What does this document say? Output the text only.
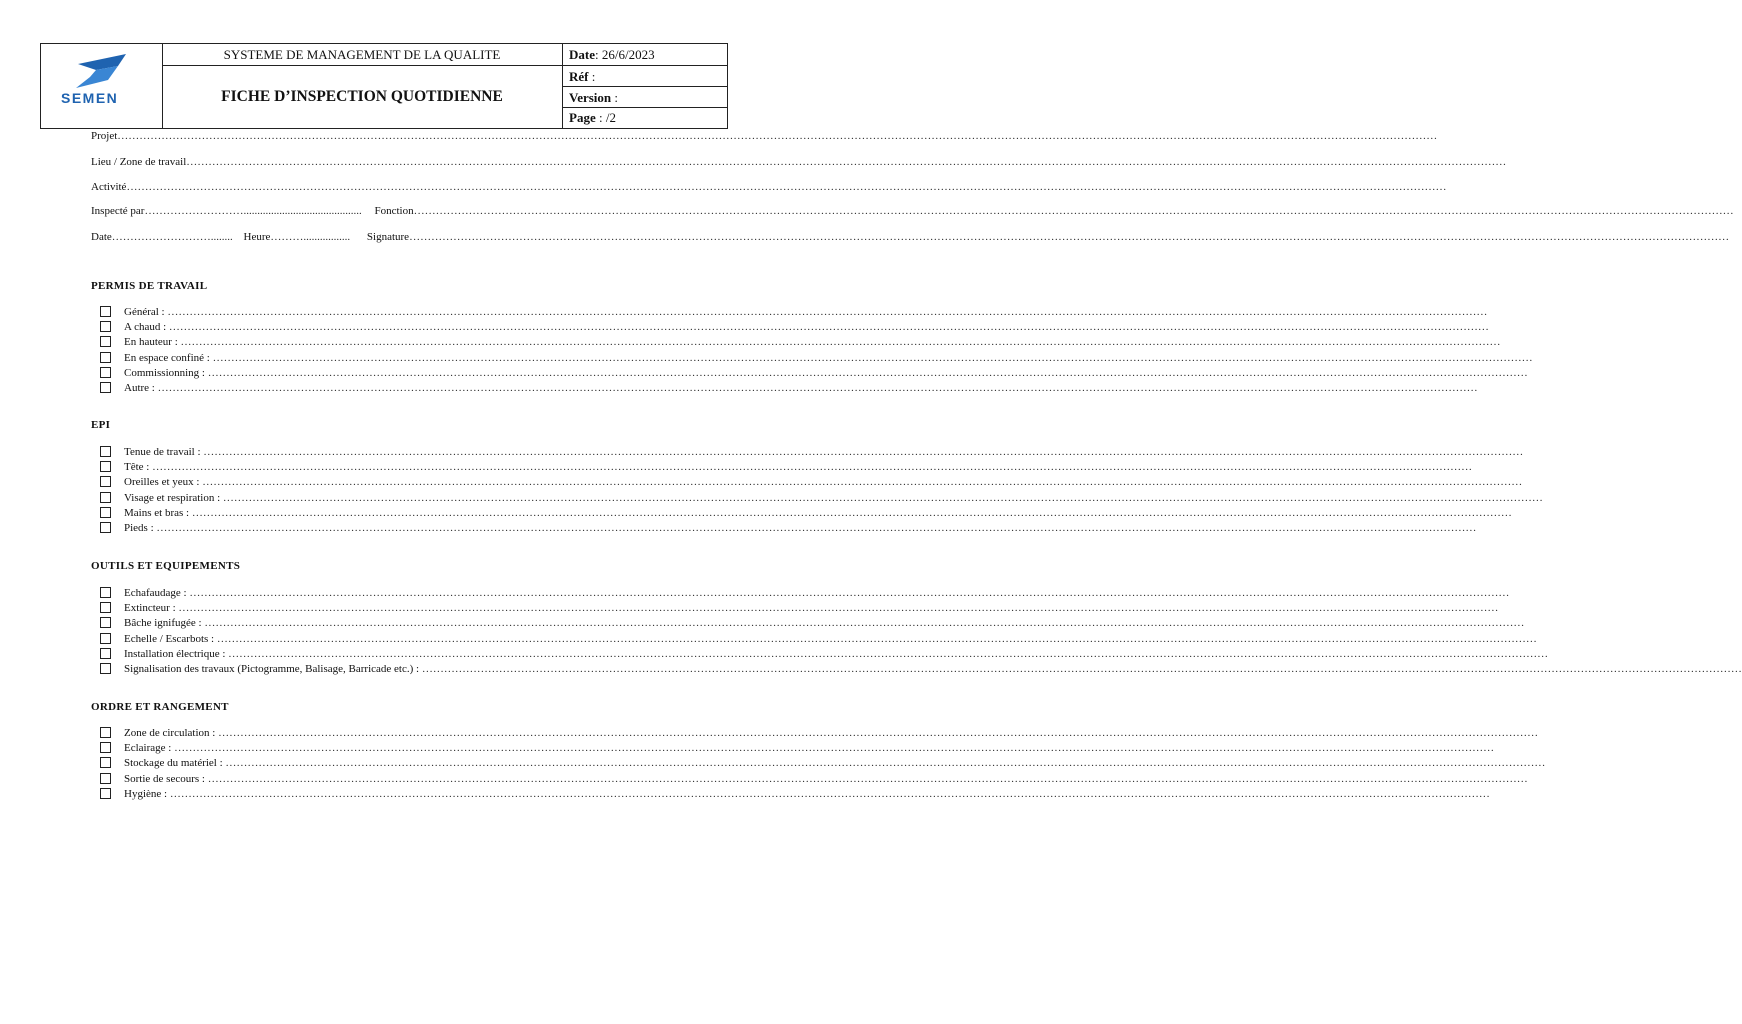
SEMEN
SYSTEME DE MANAGEMENT DE LA QUALITE
FICHE D’INSPECTION QUOTIDIENNE
Date: 26/6/2023
Réf :
Version :
Page : /2
Projet………………………………………………………………………………………………………………………………………………………………………………………………………………………………………………………………………………………………………………………………
Lieu / Zone de travail………………………………………………………………………………………………………………………………………………………………………………………………………………………………………………………………………………………………………………………………
Activité………………………………………………………………………………………………………………………………………………………………………………………………………………………………………………………………………………………………………………………………
Inspecté par………………………........................................... Fonction………………………………………………………………………………………………………………………………………………………………………………………………………………………………………………………………………………………………………………………………
Date………………………........ Heure………................. Signature………………………………………………………………………………………………………………………………………………………………………………………………………………………………………………………………………………………………………………………………
PERMIS DE TRAVAIL
Général : ………………………………………………………………………………………………………………………………………………………………………………………………………………………………………………………………………………………………………………………………
A chaud : ………………………………………………………………………………………………………………………………………………………………………………………………………………………………………………………………………………………………………………………………
En hauteur : ………………………………………………………………………………………………………………………………………………………………………………………………………………………………………………………………………………………………………………………………
En espace confiné : ………………………………………………………………………………………………………………………………………………………………………………………………………………………………………………………………………………………………………………………………
Commissionning : ………………………………………………………………………………………………………………………………………………………………………………………………………………………………………………………………………………………………………………………………
Autre : ………………………………………………………………………………………………………………………………………………………………………………………………………………………………………………………………………………………………………………………………
EPI
Tenue de travail : ………………………………………………………………………………………………………………………………………………………………………………………………………………………………………………………………………………………………………………………………
Tête : ………………………………………………………………………………………………………………………………………………………………………………………………………………………………………………………………………………………………………………………………
Oreilles et yeux : ………………………………………………………………………………………………………………………………………………………………………………………………………………………………………………………………………………………………………………………………
Visage et respiration : ………………………………………………………………………………………………………………………………………………………………………………………………………………………………………………………………………………………………………………………………
Mains et bras : ………………………………………………………………………………………………………………………………………………………………………………………………………………………………………………………………………………………………………………………………
Pieds : ………………………………………………………………………………………………………………………………………………………………………………………………………………………………………………………………………………………………………………………………
OUTILS ET EQUIPEMENTS
Echafaudage : ………………………………………………………………………………………………………………………………………………………………………………………………………………………………………………………………………………………………………………………………
Extincteur : ………………………………………………………………………………………………………………………………………………………………………………………………………………………………………………………………………………………………………………………………
Bâche ignifugée : ………………………………………………………………………………………………………………………………………………………………………………………………………………………………………………………………………………………………………………………………
Echelle / Escarbots : ………………………………………………………………………………………………………………………………………………………………………………………………………………………………………………………………………………………………………………………………
Installation électrique : ………………………………………………………………………………………………………………………………………………………………………………………………………………………………………………………………………………………………………………………………
Signalisation des travaux (Pictogramme, Balisage, Barricade etc.) : ………………………………………………………………………………………………………………………………………………………………………………………………………………………………………………………………………………………………………………………………
ORDRE ET RANGEMENT
Zone de circulation : ………………………………………………………………………………………………………………………………………………………………………………………………………………………………………………………………………………………………………………………………
Eclairage : ………………………………………………………………………………………………………………………………………………………………………………………………………………………………………………………………………………………………………………………………
Stockage du matériel : ………………………………………………………………………………………………………………………………………………………………………………………………………………………………………………………………………………………………………………………………
Sortie de secours : ………………………………………………………………………………………………………………………………………………………………………………………………………………………………………………………………………………………………………………………………
Hygiène : ………………………………………………………………………………………………………………………………………………………………………………………………………………………………………………………………………………………………………………………………
